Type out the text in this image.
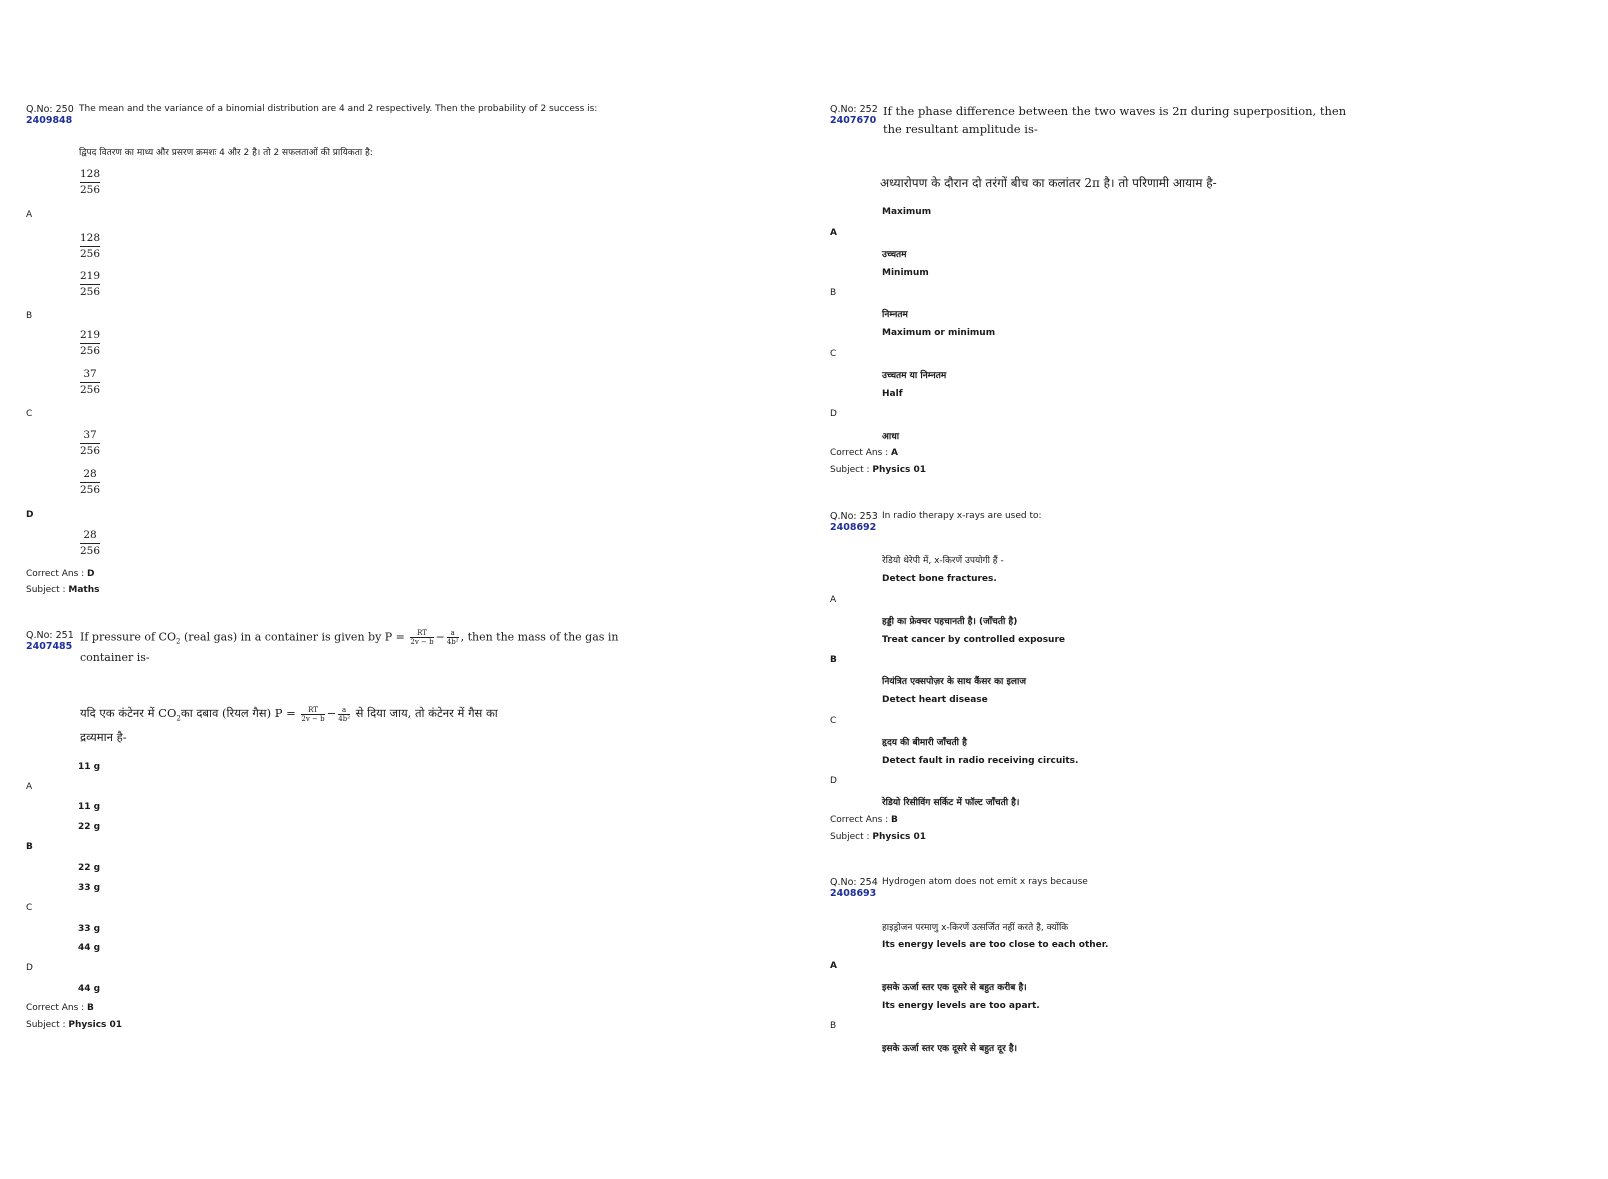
Q.No: 250
2409848
The mean and the variance of a binomial distribution are 4 and 2 respectively. Then the probability of 2 success is:
द्विपद वितरण का माध्य और प्रसरण क्रमशः 4 और 2 है। तो 2 सफलताओं की प्रायिकता है:
128
256
A
128
256
219
256
B
219
256
37
256
C
37
256
28
256
D
28
256
Correct Ans : D
Subject : Maths
Q.No: 251
2407485
If pressure of $CO_2$ (real gas) in a container is given by $P = \frac{RT}{2v - b} - \frac{a}{\text{4b²}}$ , then the mass of the gas in
container is-
यदि एक कंटेनर में $CO_2का$ दबाव (रियल गैस) $P = \frac{RT}{2v - b} - \frac{a}{\text{4b²}}$ से दिया जाय, तो कंटेनर में गैस का
द्रव्यमान है-
11 g
A
11 g
22 g
B
22 g
33 g
C
33 g
44 g
D
44 g
Correct Ans : B
Subject : Physics 01
Q.No: 252
2407670
If the phase difference between the two waves is 2π during superposition, then
the resultant amplitude is-
अध्यारोपण के दौरान दो तरंगों बीच का कलांतर 2π है। तो परिणामी आयाम है-
Maximum
A
उच्चतम
Minimum
B
निम्नतम
Maximum or minimum
C
उच्चतम या निम्नतम
Half
D
आधा
Correct Ans : A
Subject : Physics 01
Q.No: 253
2408692
In radio therapy x-rays are used to:
रेडियो थेरेपी में, x-किरणें उपयोगी हैं -
Detect bone fractures.
A
हड्डी का फ्रेक्चर पहचानती है। (जाँचती है)
Treat cancer by controlled exposure
B
नियंत्रित एक्सपोज़र के साथ कैंसर का इलाज
Detect heart disease
C
हृदय की बीमारी जाँचती है
Detect fault in radio receiving circuits.
D
रेडियो रिसीविंग सर्किट में फॉल्ट जाँचती है।
Correct Ans : B
Subject : Physics 01
Q.No: 254
2408693
Hydrogen atom does not emit x rays because
हाइड्रोजन परमाणु x-किरणें उत्सर्जित नहीं करते है, क्योंकि
Its energy levels are too close to each other.
A
इसके ऊर्जा स्तर एक दूसरे से बहुत करीब है।
Its energy levels are too apart.
B
इसके ऊर्जा स्तर एक दूसरे से बहुत दूर है।
